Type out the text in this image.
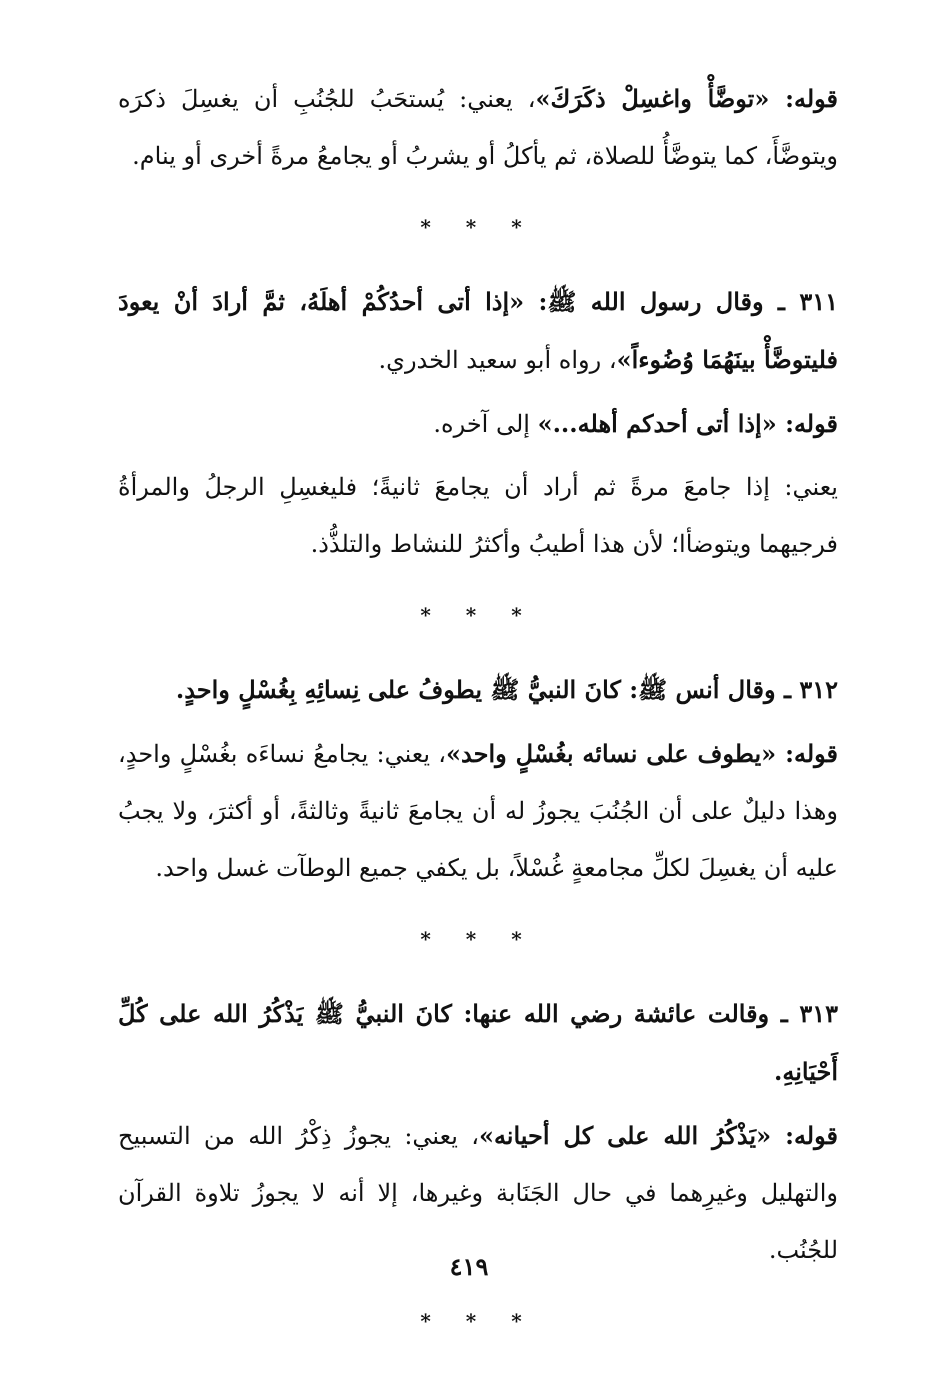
قوله: «توضَّأْ واغسِلْ ذكَرَكَ»، يعني: يُستحَبُ للجُنُبِ أن يغسِلَ ذكرَه ويتوضَّأَ، كما يتوضَّأُ للصلاة، ثم يأكلُ أو يشربُ أو يجامعُ مرةً أخرى أو ينام.

* * *

٣١١ ـ وقال رسول الله ﷺ: «إذا أتى أحدُكُمْ أهلَهُ، ثمَّ أرادَ أنْ يعودَ فليتوضَّأْ بينَهُمَا وُضُوءاً»، رواه أبو سعيد الخدري.

قوله: «إذا أتى أحدكم أهله...» إلى آخره.

يعني: إذا جامعَ مرةً ثم أراد أن يجامعَ ثانيةً؛ فليغسِلِ الرجلُ والمرأةُ فرجيهما ويتوضأا؛ لأن هذا أطيبُ وأكثرُ للنشاط والتلذُّذ.

* * *

٣١٢ ـ وقال أنس ﷺ: كانَ النبيُّ ﷺ يطوفُ على نِسائِهِ بِغُسْلٍ واحدٍ.

قوله: «يطوف على نسائه بغُسْلٍ واحد»، يعني: يجامعُ نساءَه بغُسْلٍ واحدٍ، وهذا دليلٌ على أن الجُنُبَ يجوزُ له أن يجامعَ ثانيةً وثالثةً، أو أكثرَ، ولا يجبُ عليه أن يغسِلَ لكلِّ مجامعةٍ غُسْلاً، بل يكفي جميع الوطآت غسل واحد.

* * *

٣١٣ ـ وقالت عائشة رضي الله عنها: كانَ النبيُّ ﷺ يَذْكُرُ الله على كُلِّ أَحْيَانِهِ.

قوله: «يَذْكُرُ الله على كل أحيانه»، يعني: يجوزُ ذِكْرُ الله من التسبيح والتهليل وغيرِهما في حال الجَنَابة وغيرها، إلا أنه لا يجوزُ تلاوة القرآن للجُنُب.

* * *
٤١٩
